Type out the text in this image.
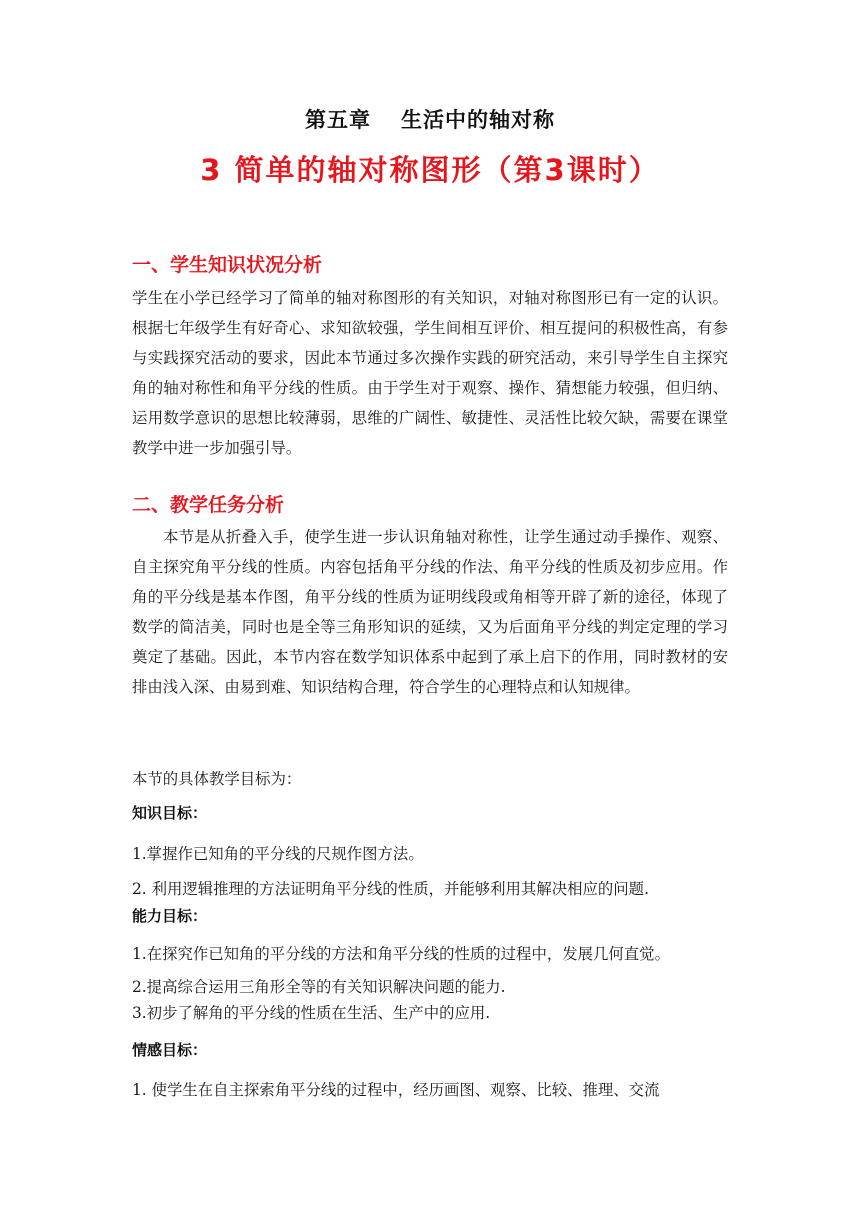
第五章 生活中的轴对称
3 简单的轴对称图形（第3课时）
一、学生知识状况分析
学生在小学已经学习了简单的轴对称图形的有关知识，对轴对称图形已有一定的认识。根据七年级学生有好奇心、求知欲较强，学生间相互评价、相互提问的积极性高，有参与实践探究活动的要求，因此本节通过多次操作实践的研究活动，来引导学生自主探究角的轴对称性和角平分线的性质。由于学生对于观察、操作、猜想能力较强，但归纳、运用数学意识的思想比较薄弱，思维的广阔性、敏捷性、灵活性比较欠缺，需要在课堂教学中进一步加强引导。
二、教学任务分析
本节是从折叠入手，使学生进一步认识角轴对称性，让学生通过动手操作、观察、自主探究角平分线的性质。内容包括角平分线的作法、角平分线的性质及初步应用。作角的平分线是基本作图，角平分线的性质为证明线段或角相等开辟了新的途径，体现了数学的简洁美，同时也是全等三角形知识的延续，又为后面角平分线的判定定理的学习奠定了基础。因此，本节内容在数学知识体系中起到了承上启下的作用，同时教材的安排由浅入深、由易到难、知识结构合理，符合学生的心理特点和认知规律。
本节的具体教学目标为：
知识目标：
1.掌握作已知角的平分线的尺规作图方法。
2. 利用逻辑推理的方法证明角平分线的性质，并能够利用其解决相应的问题.
能力目标：
1.在探究作已知角的平分线的方法和角平分线的性质的过程中，发展几何直觉。
2.提高综合运用三角形全等的有关知识解决问题的能力.
3.初步了解角的平分线的性质在生活、生产中的应用.
情感目标：
1. 使学生在自主探索角平分线的过程中，经历画图、观察、比较、推理、交流
